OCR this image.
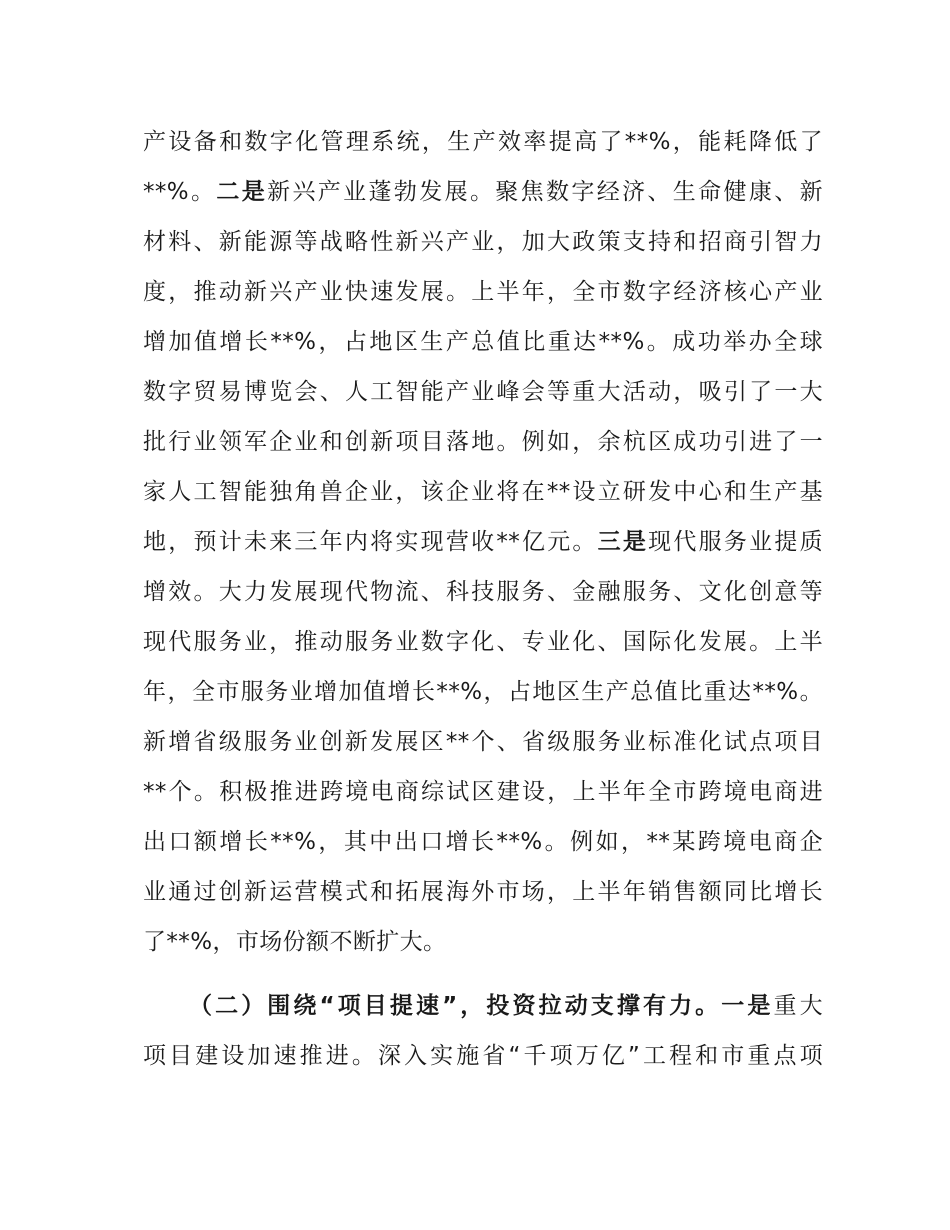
产设备和数字化管理系统，生产效率提高了**%，能耗降低了
**%。二是新兴产业蓬勃发展。聚焦数字经济、生命健康、新
材料、新能源等战略性新兴产业，加大政策支持和招商引智力
度，推动新兴产业快速发展。上半年，全市数字经济核心产业
增加值增长**%，占地区生产总值比重达**%。成功举办全球
数字贸易博览会、人工智能产业峰会等重大活动，吸引了一大
批行业领军企业和创新项目落地。例如，余杭区成功引进了一
家人工智能独角兽企业，该企业将在**设立研发中心和生产基
地，预计未来三年内将实现营收**亿元。三是现代服务业提质
增效。大力发展现代物流、科技服务、金融服务、文化创意等
现代服务业，推动服务业数字化、专业化、国际化发展。上半
年，全市服务业增加值增长**%，占地区生产总值比重达**%。
新增省级服务业创新发展区**个、省级服务业标准化试点项目
**个。积极推进跨境电商综试区建设，上半年全市跨境电商进
出口额增长**%，其中出口增长**%。例如，**某跨境电商企
业通过创新运营模式和拓展海外市场，上半年销售额同比增长
了**%，市场份额不断扩大。
（二）围绕“项目提速”，投资拉动支撑有力。一是重大
项目建设加速推进。深入实施省“千项万亿”工程和市重点项
